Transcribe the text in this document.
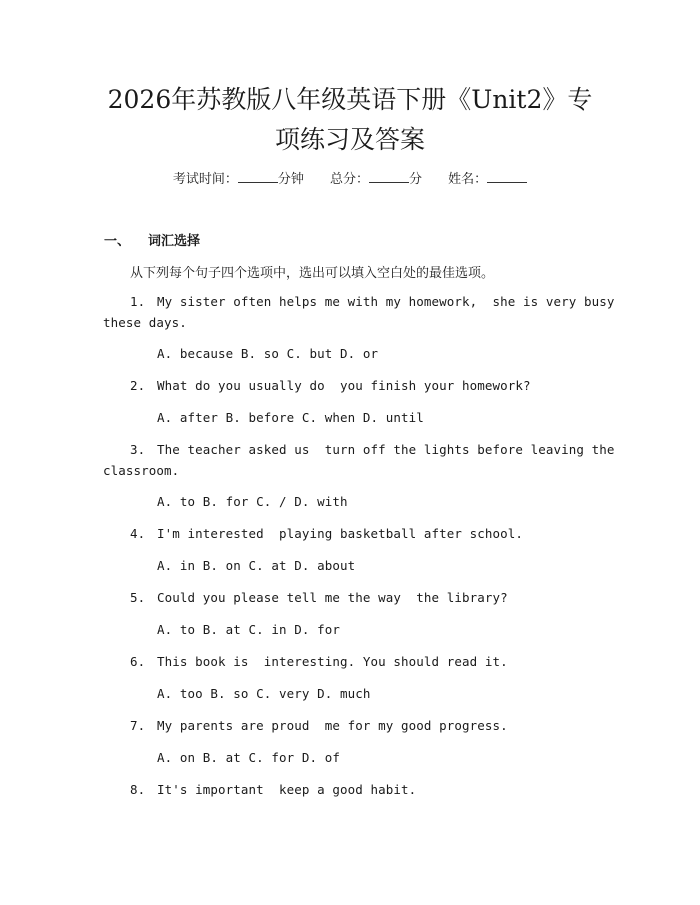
2026年苏教版八年级英语下册《Unit2》专
项练习及答案
考试时间：	分钟 总分：	分 姓名：
一、 词汇选择
从下列每个句子四个选项中，选出可以填入空白处的最佳选项。
1. My sister often helps me with my homework,  she is very busy
these days.
A. because B. so C. but D. or
2. What do you usually do  you finish your homework?
A. after B. before C. when D. until
3. The teacher asked us  turn off the lights before leaving the
classroom.
A. to B. for C. / D. with
4. I'm interested  playing basketball after school.
A. in B. on C. at D. about
5. Could you please tell me the way  the library?
A. to B. at C. in D. for
6. This book is  interesting. You should read it.
A. too B. so C. very D. much
7. My parents are proud  me for my good progress.
A. on B. at C. for D. of
8. It's important  keep a good habit.
